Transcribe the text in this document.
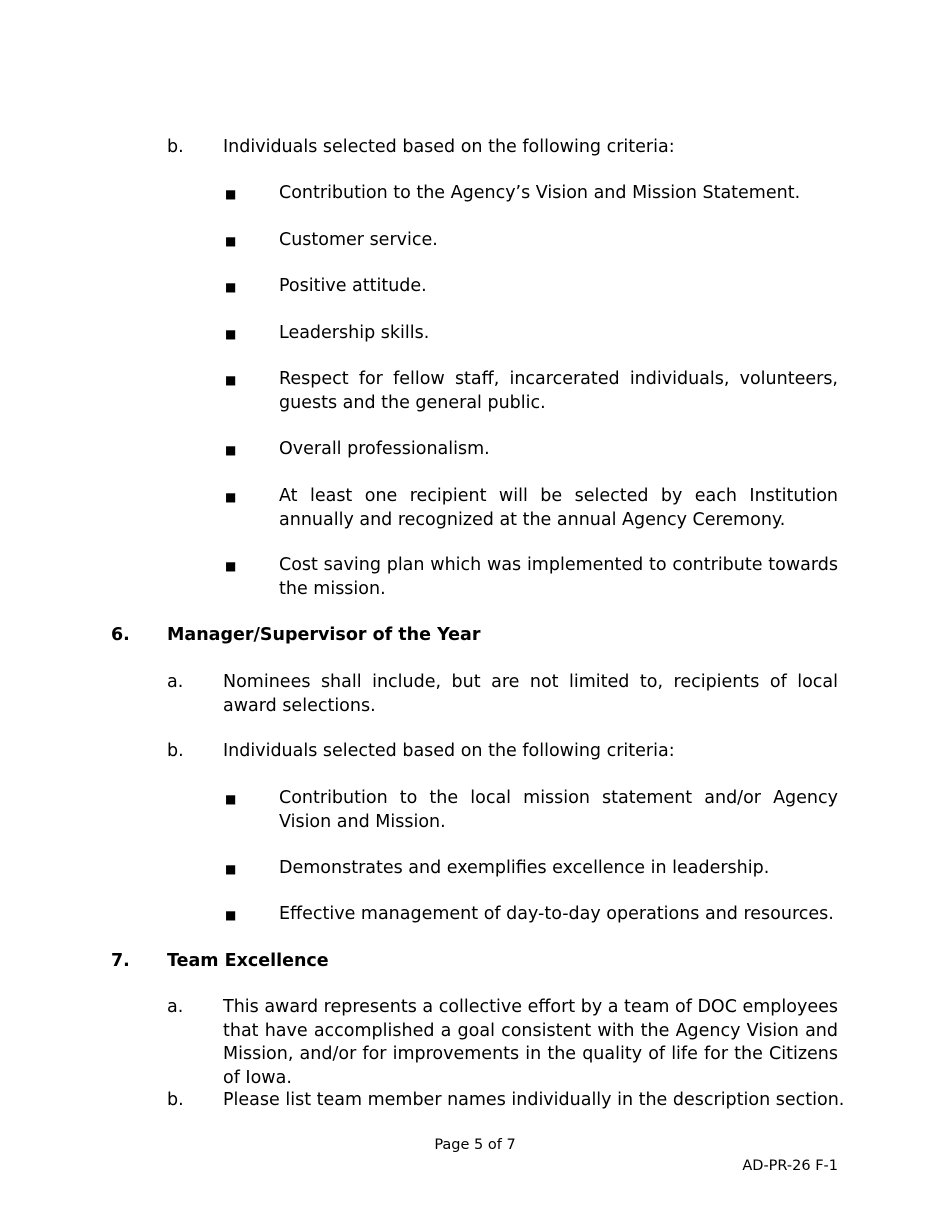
b. Individuals selected based on the following criteria:
■ Contribution to the Agency’s Vision and Mission Statement.
■ Customer service.
■ Positive attitude.
■ Leadership skills.
■ Respect for fellow staff, incarcerated individuals, volunteers, guests and the general public.
■ Overall professionalism.
■ At least one recipient will be selected by each Institution annually and recognized at the annual Agency Ceremony.
■ Cost saving plan which was implemented to contribute towards the mission.
6. Manager/Supervisor of the Year
a. Nominees shall include, but are not limited to, recipients of local award selections.
b. Individuals selected based on the following criteria:
■ Contribution to the local mission statement and/or Agency Vision and Mission.
■ Demonstrates and exemplifies excellence in leadership.
■ Effective management of day-to-day operations and resources.
7. Team Excellence
a. This award represents a collective effort by a team of DOC employees that have accomplished a goal consistent with the Agency Vision and Mission, and/or for improvements in the quality of life for the Citizens of Iowa.
b. Please list team member names individually in the description section.
Page 5 of 7
AD-PR-26 F-1
